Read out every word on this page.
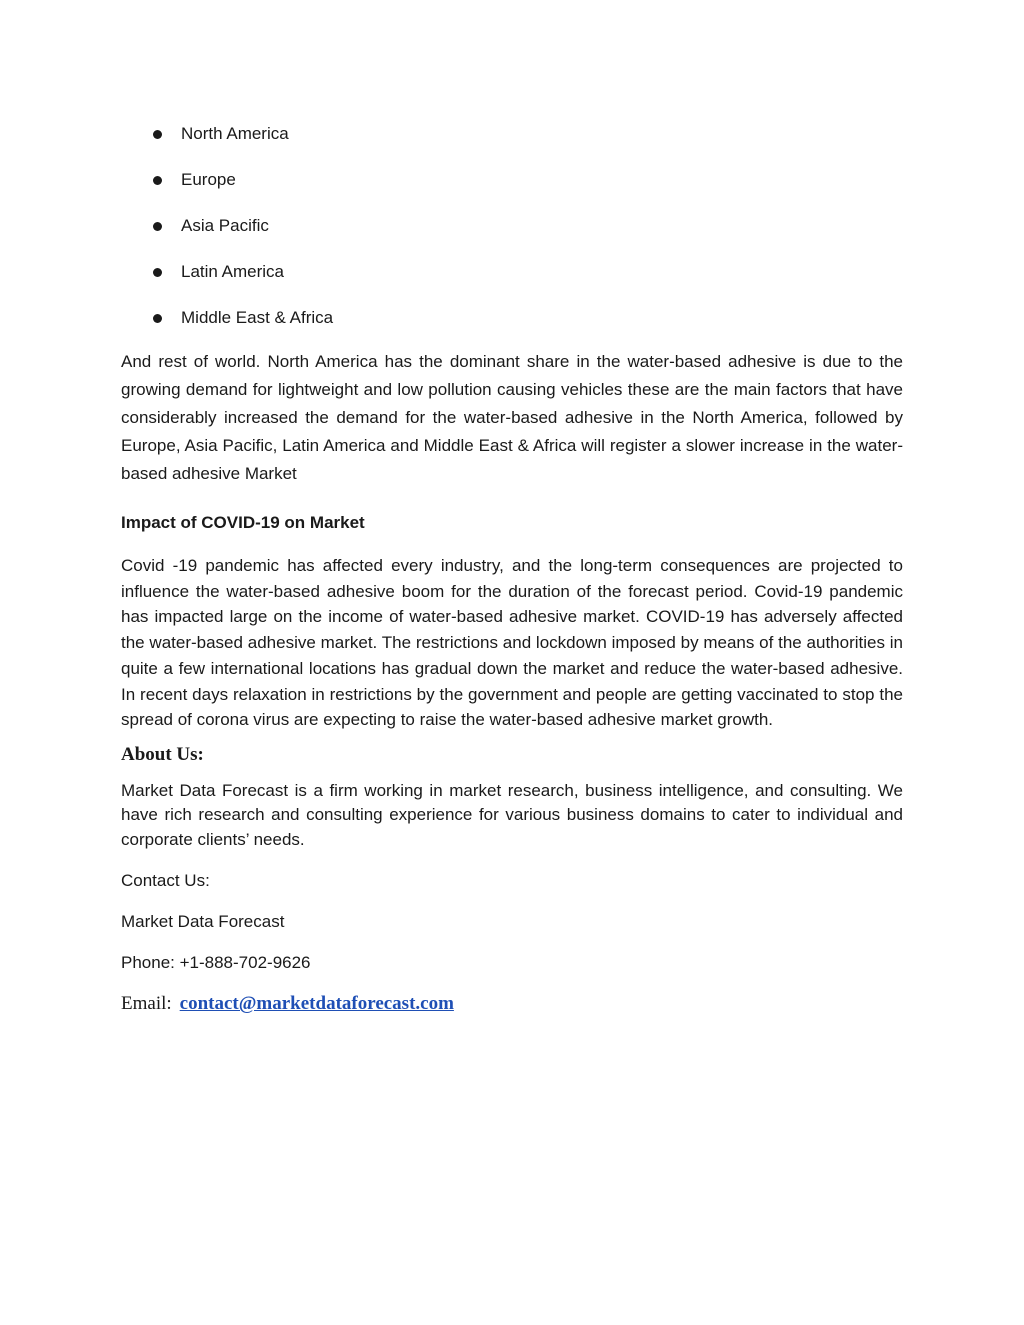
North America
Europe
Asia Pacific
Latin America
Middle East & Africa

And rest of world. North America has the dominant share in the water-based adhesive is due to the growing demand for lightweight and low pollution causing vehicles these are the main factors that have considerably increased the demand for the water-based adhesive in the North America, followed by Europe, Asia Pacific, Latin America and Middle East & Africa will register a slower increase in the water-based adhesive Market

Impact of COVID-19 on Market

Covid -19 pandemic has affected every industry, and the long-term consequences are projected to influence the water-based adhesive boom for the duration of the forecast period. Covid-19 pandemic has impacted large on the income of water-based adhesive market. COVID-19 has adversely affected the water-based adhesive market. The restrictions and lockdown imposed by means of the authorities in quite a few international locations has gradual down the market and reduce the water-based adhesive. In recent days relaxation in restrictions by the government and people are getting vaccinated to stop the spread of corona virus are expecting to raise the water-based adhesive market growth.

About Us:

Market Data Forecast is a firm working in market research, business intelligence, and consulting. We have rich research and consulting experience for various business domains to cater to individual and corporate clients’ needs.

Contact Us:

Market Data Forecast

Phone: +1-888-702-9626

Email: contact@marketdataforecast.com
